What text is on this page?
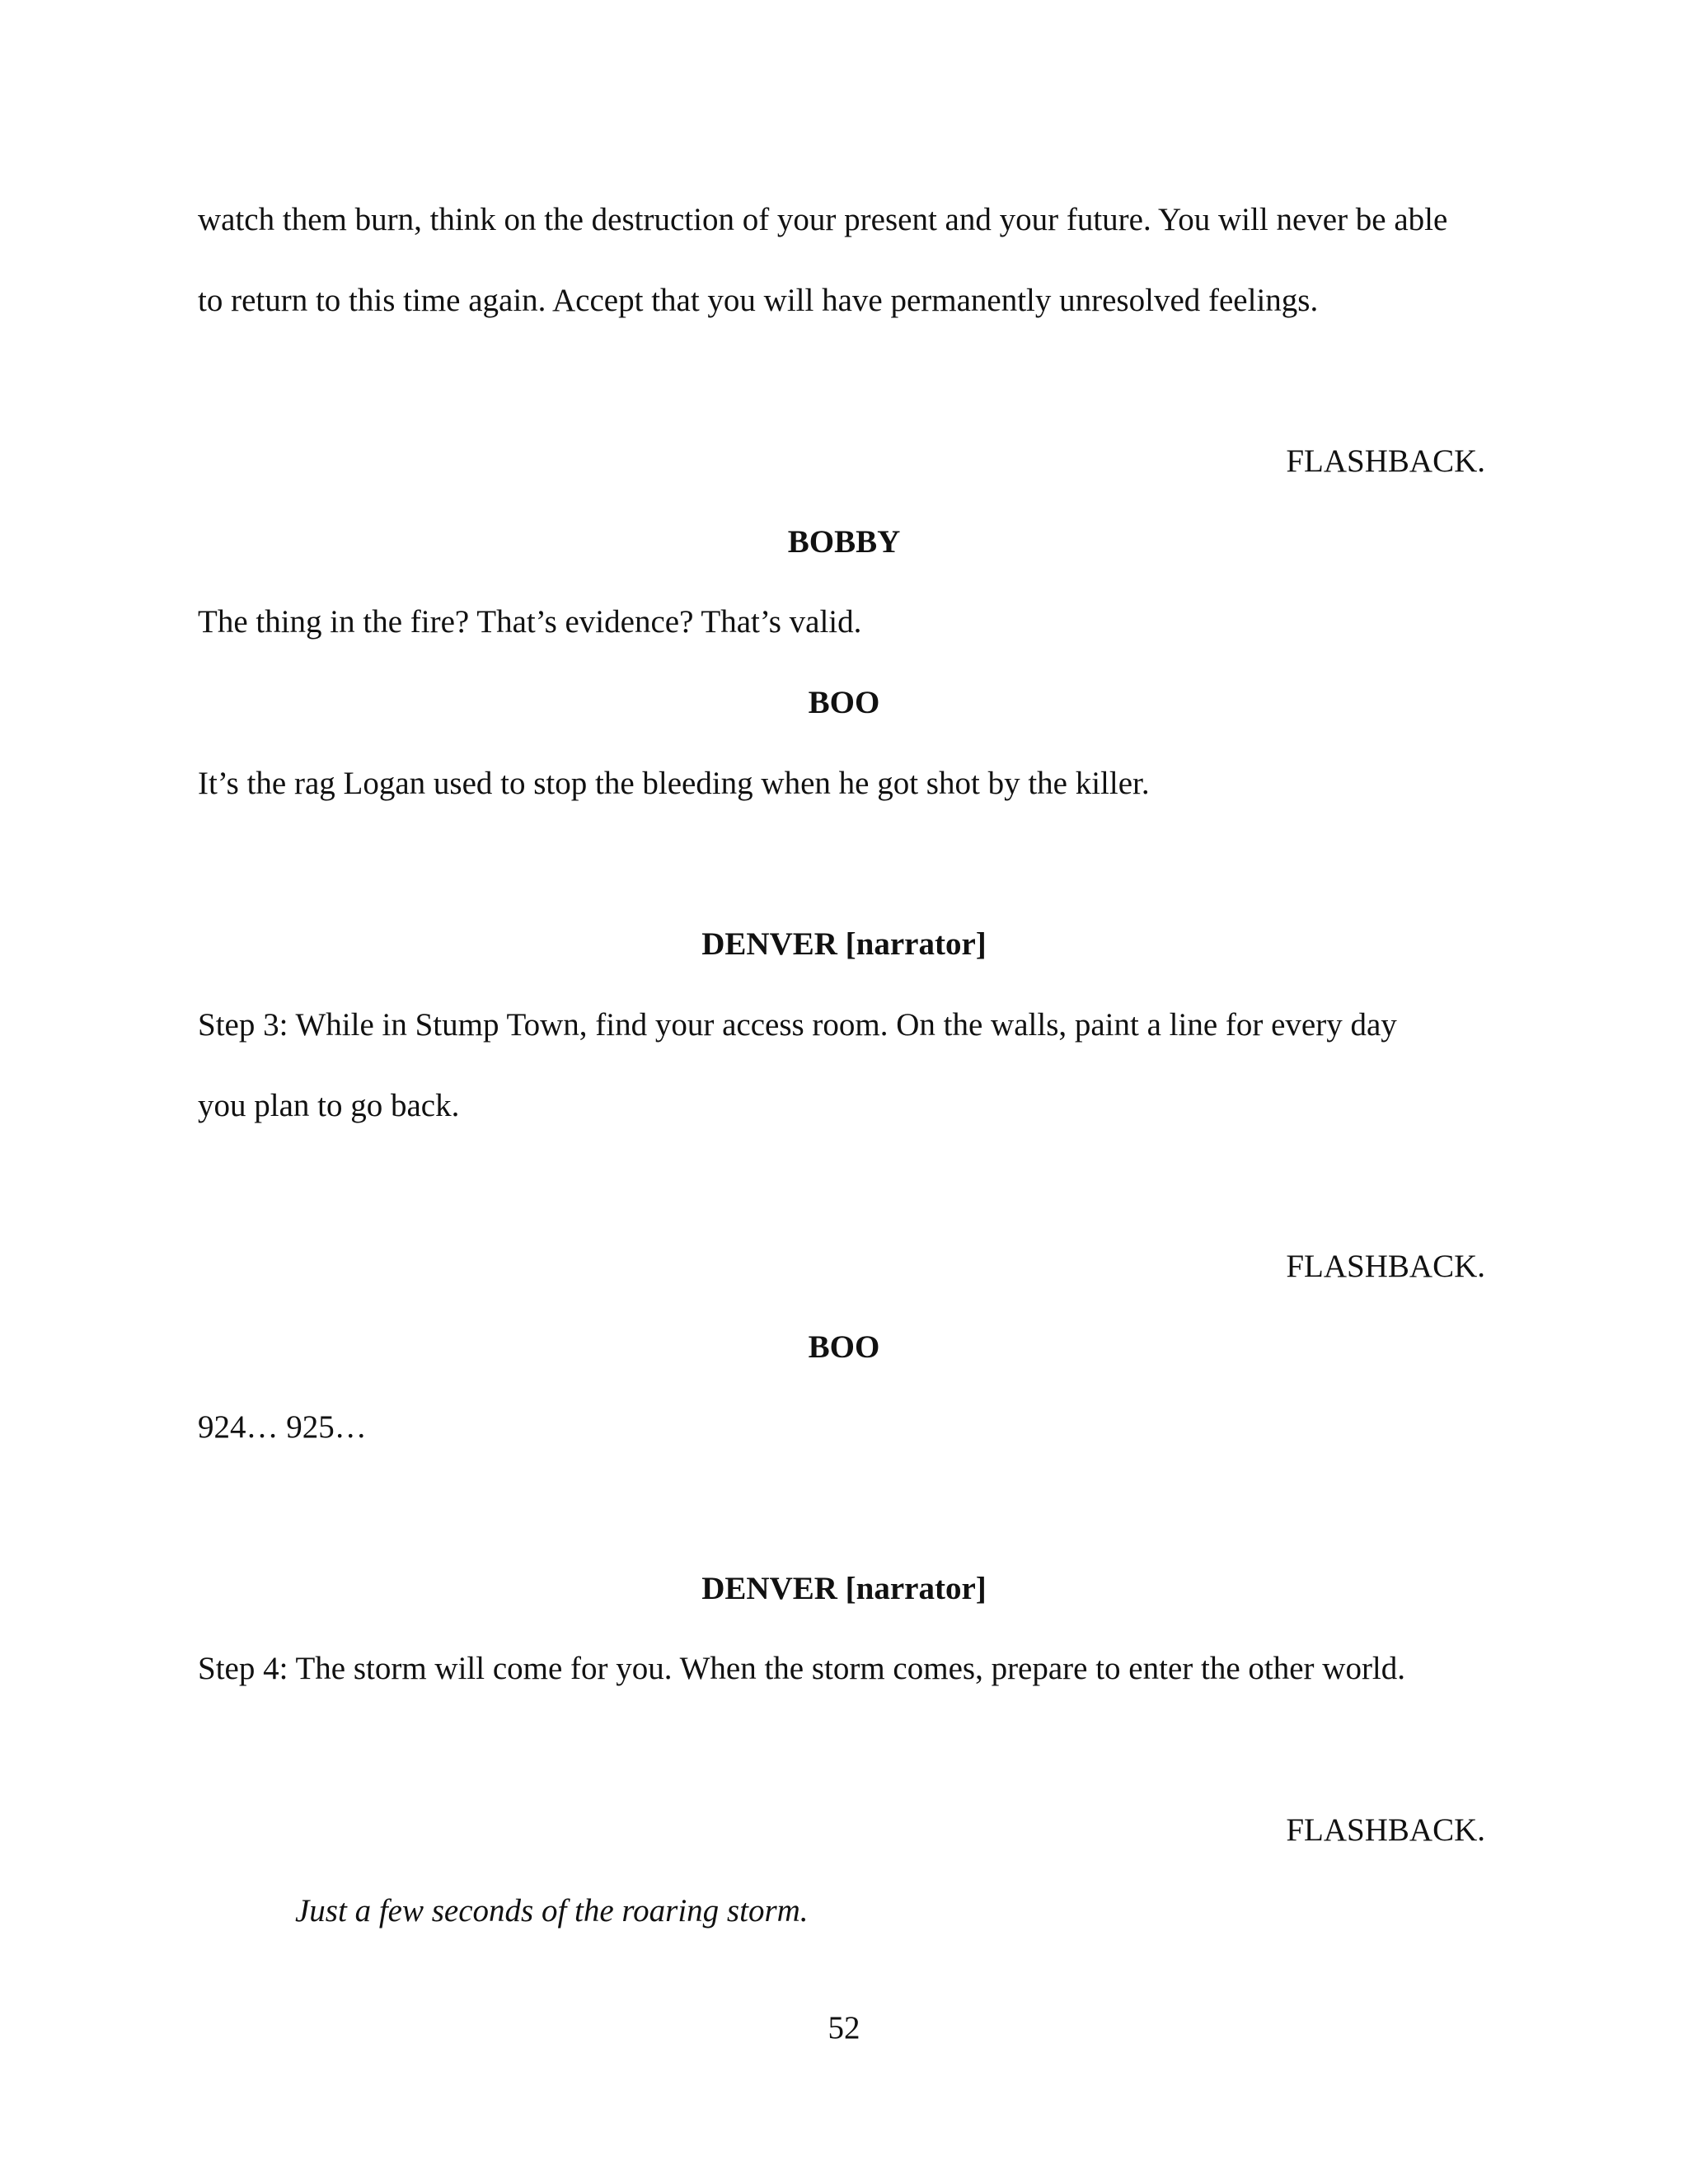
watch them burn, think on the destruction of your present and your future. You will never be able
to return to this time again. Accept that you will have permanently unresolved feelings.
FLASHBACK.
BOBBY
The thing in the fire? That’s evidence? That’s valid.
BOO
It’s the rag Logan used to stop the bleeding when he got shot by the killer.
DENVER [narrator]
Step 3: While in Stump Town, find your access room. On the walls, paint a line for every day
you plan to go back.
FLASHBACK.
BOO
924… 925…
DENVER [narrator]
Step 4: The storm will come for you. When the storm comes, prepare to enter the other world.
FLASHBACK.
Just a few seconds of the roaring storm.
52
